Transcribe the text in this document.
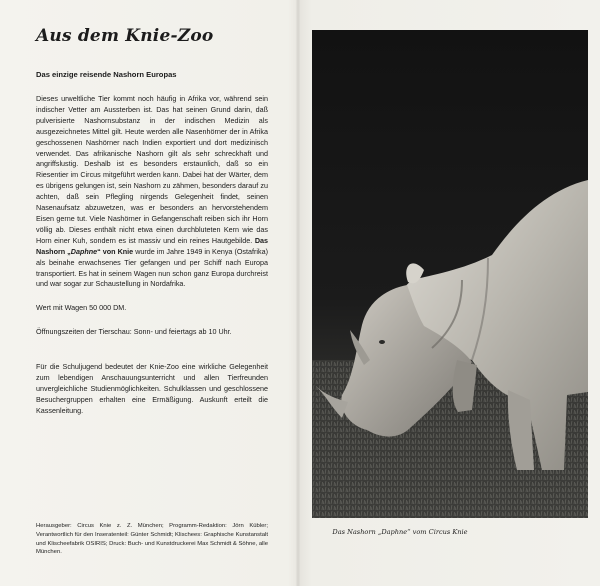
Aus dem Knie-Zoo

Das einzige reisende Nashorn Europas

Dieses urweltliche Tier kommt noch häufig in Afrika vor, während sein indischer Vetter am Aussterben ist. Das hat seinen Grund darin, daß pulverisierte Nashornsubstanz in der indischen Medizin als ausgezeichnetes Mittel gilt. Heute werden alle Nasenhörner der in Afrika geschossenen Nashörner nach Indien exportiert und dort medizinisch verwendet. Das afrikanische Nashorn gilt als sehr schreckhaft und angriffslustig. Deshalb ist es besonders erstaunlich, daß so ein Riesentier im Circus mitgeführt werden kann. Dabei hat der Wärter, dem es übrigens gelungen ist, sein Nashorn zu zähmen, besonders darauf zu achten, daß sein Pflegling nirgends Gelegenheit findet, seinen Nasenaufsatz abzuwetzen, was er besonders an hervorstehendem Eisen gerne tut. Viele Nashörner in Gefangenschaft reiben sich ihr Horn völlig ab. Dieses enthält nicht etwa einen durchbluteten Kern wie das Horn einer Kuh, sondern es ist massiv und ein reines Hautgebilde. Das Nashorn „Daphne“ von Knie wurde im Jahre 1949 in Kenya (Ostafrika) als beinahe erwachsenes Tier gefangen und per Schiff nach Europa transportiert. Es hat in seinem Wagen nun schon ganz Europa durchreist und war sogar zur Schaustellung in Nordafrika.

Wert mit Wagen 50 000 DM.

Öffnungszeiten der Tierschau: Sonn- und feiertags ab 10 Uhr.

Für die Schuljugend bedeutet der Knie-Zoo eine wirkliche Gelegenheit zum lebendigen Anschauungsunterricht und allen Tierfreunden unvergleichliche Studienmöglichkeiten. Schulklassen und geschlossene Besuchergruppen erhalten eine Ermäßigung. Auskunft erteilt die Kassenleitung.

Herausgeber: Circus Knie z. Z. München; Programm-Redaktion: Jörn Kübler; Verantwortlich für den Inseratenteil: Günter Schmidt; Klischees: Graphische Kunstanstalt und Klischeefabrik OSIRIS; Druck: Buch- und Kunstdruckerei Max Schmidt & Söhne, alle München.

Das Nashorn „Daphne“ vom Circus Knie
